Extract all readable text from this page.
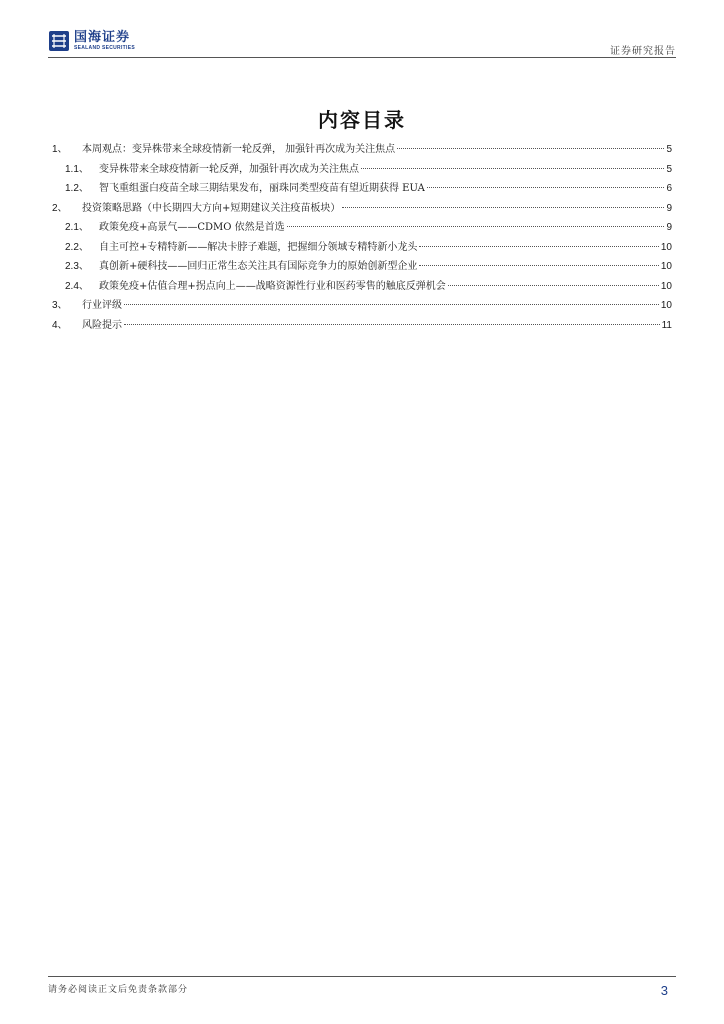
国海证券
SEALAND SECURITIES	证券研究报告
内容目录
1、	本周观点：变异株带来全球疫情新一轮反弹， 加强针再次成为关注焦点	5
1.1、	变异株带来全球疫情新一轮反弹，加强针再次成为关注焦点	5
1.2、	智飞重组蛋白疫苗全球三期结果发布，丽珠同类型疫苗有望近期获得 EUA	6
2、	投资策略思路（中长期四大方向+短期建议关注疫苗板块）	9
2.1、	政策免疫+高景气——CDMO 依然是首选	9
2.2、	自主可控+专精特新——解决卡脖子难题，把握细分领域专精特新小龙头	10
2.3、	真创新+硬科技——回归正常生态关注具有国际竞争力的原始创新型企业	10
2.4、	政策免疫+估值合理+拐点向上——战略资源性行业和医药零售的触底反弹机会	10
3、	行业评级	10
4、	风险提示	11
请务必阅读正文后免责条款部分	3
